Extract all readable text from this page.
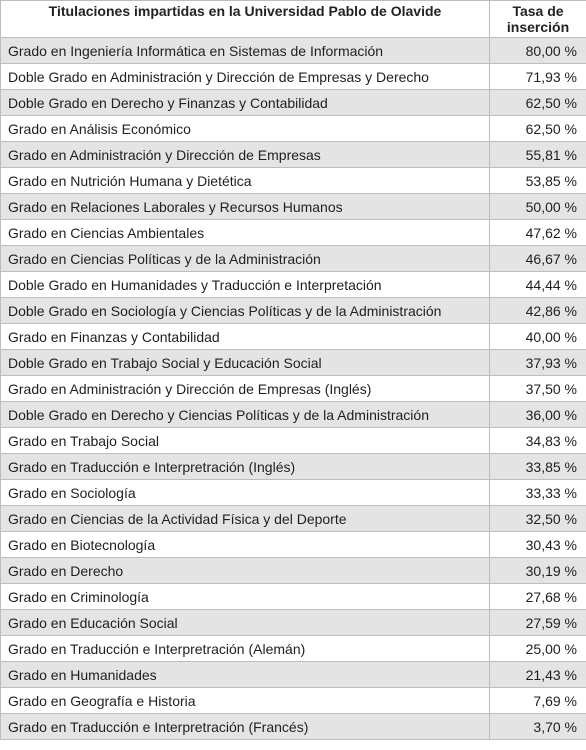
Titulaciones impartidas en la Universidad Pablo de Olavide	Tasa de inserción
Grado en Ingeniería Informática en Sistemas de Información	80,00 %
Doble Grado en Administración y Dirección de Empresas y Derecho	71,93 %
Doble Grado en Derecho y Finanzas y Contabilidad	62,50 %
Grado en Análisis Económico	62,50 %
Grado en Administración y Dirección de Empresas	55,81 %
Grado en Nutrición Humana y Dietética	53,85 %
Grado en Relaciones Laborales y Recursos Humanos	50,00 %
Grado en Ciencias Ambientales	47,62 %
Grado en Ciencias Políticas y de la Administración	46,67 %
Doble Grado en Humanidades y Traducción e Interpretación	44,44 %
Doble Grado en Sociología y Ciencias Políticas y de la Administración	42,86 %
Grado en Finanzas y Contabilidad	40,00 %
Doble Grado en Trabajo Social y Educación Social	37,93 %
Grado en Administración y Dirección de Empresas (Inglés)	37,50 %
Doble Grado en Derecho y Ciencias Políticas y de la Administración	36,00 %
Grado en Trabajo Social	34,83 %
Grado en Traducción e Interpretración (Inglés)	33,85 %
Grado en Sociología	33,33 %
Grado en Ciencias de la Actividad Física y del Deporte	32,50 %
Grado en Biotecnología	30,43 %
Grado en Derecho	30,19 %
Grado en Criminología	27,68 %
Grado en Educación Social	27,59 %
Grado en Traducción e Interpretración (Alemán)	25,00 %
Grado en Humanidades	21,43 %
Grado en Geografía e Historia	7,69 %
Grado en Traducción e Interpretración (Francés)	3,70 %
